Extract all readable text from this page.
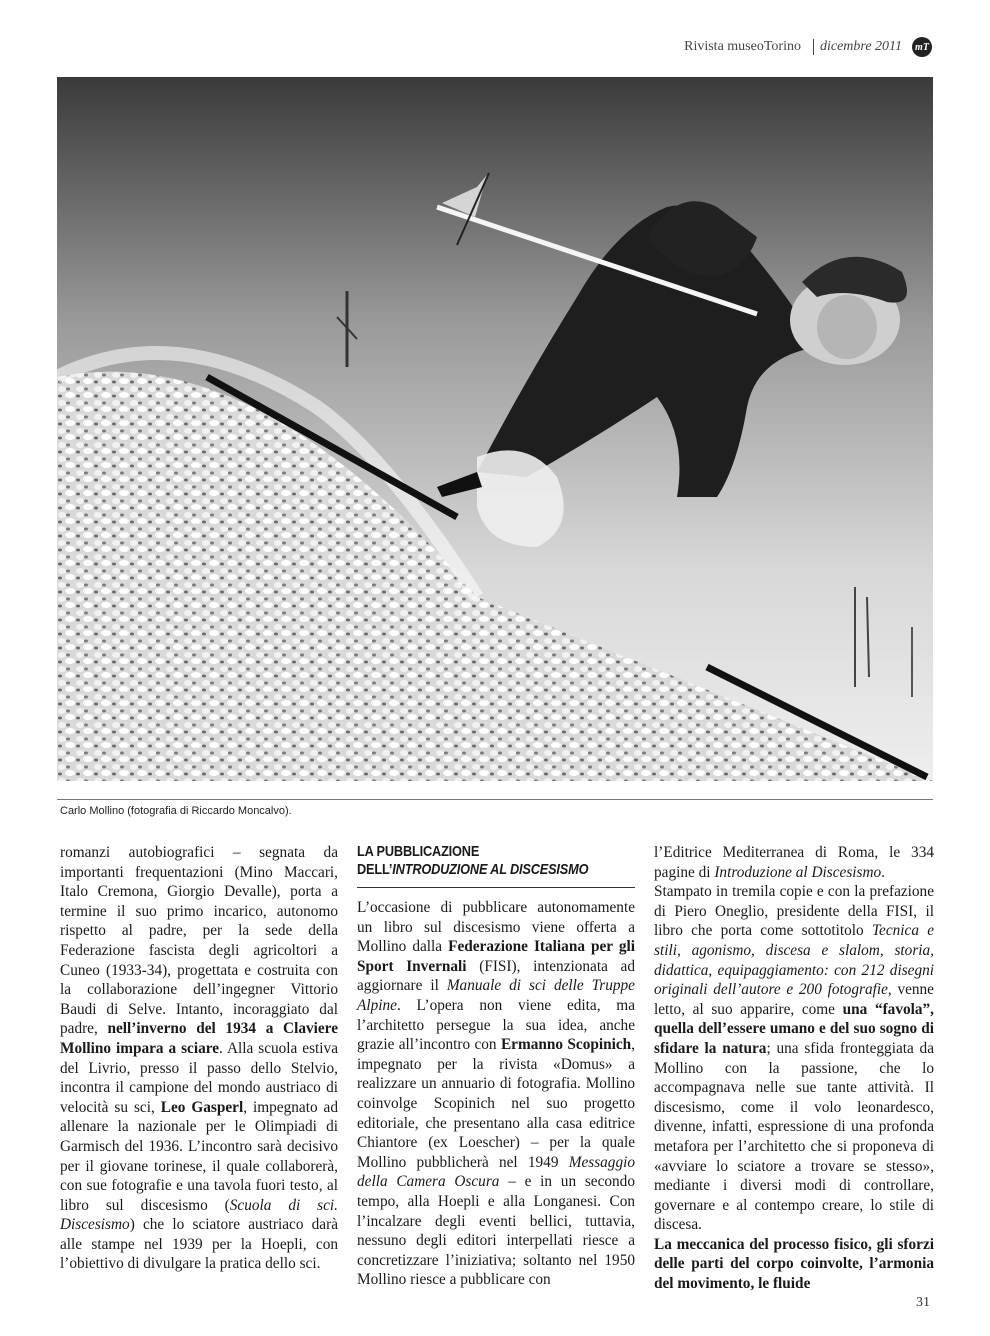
Rivista museoTorino dicembre 2011	mT
Carlo Mollino (fotografia di Riccardo Moncalvo).

romanzi autobiografici – segnata da importanti frequentazioni (Mino Maccari, Italo Cremona, Giorgio Devalle), porta a termine il suo primo incarico, autonomo rispetto al padre, per la sede della Federazione fascista degli agricoltori a Cuneo (1933-34), progettata e costruita con la collaborazione dell’ingegner Vittorio Baudi di Selve. Intanto, incoraggiato dal padre, nell’inverno del 1934 a Claviere Mollino impara a sciare. Alla scuola estiva del Livrio, presso il passo dello Stelvio, incontra il campione del mondo austriaco di velocità su sci, Leo Gasperl, impegnato ad allenare la nazionale per le Olimpiadi di Garmisch del 1936. L’incontro sarà decisivo per il giovane torinese, il quale collaborerà, con sue fotografie e una tavola fuori testo, al libro sul discesismo (Scuola di sci. Discesismo) che lo sciatore austriaco darà alle stampe nel 1939 per la Hoepli, con l’obiettivo di divulgare la pratica dello sci.

LA PUBBLICAZIONE
DELL’INTRODUZIONE AL DISCESISMO

L’occasione di pubblicare autonomamente un libro sul discesismo viene offerta a Mollino dalla Federazione Italiana per gli Sport Invernali (FISI), intenzionata ad aggiornare il Manuale di sci delle Truppe Alpine. L’opera non viene edita, ma l’architetto persegue la sua idea, anche grazie all’incontro con Ermanno Scopinich, impegnato per la rivista «Domus» a realizzare un annuario di fotografia. Mollino coinvolge Scopinich nel suo progetto editoriale, che presentano alla casa editrice Chiantore (ex Loescher) – per la quale Mollino pubblicherà nel 1949 Messaggio della Camera Oscura – e in un secondo tempo, alla Hoepli e alla Longanesi. Con l’incalzare degli eventi bellici, tuttavia, nessuno degli editori interpellati riesce a concretizzare l’iniziativa; soltanto nel 1950 Mollino riesce a pubblicare con

l’Editrice Mediterranea di Roma, le 334 pagine di Introduzione al Discesismo.

Stampato in tremila copie e con la prefazione di Piero Oneglio, presidente della FISI, il libro che porta come sottotitolo Tecnica e stili, agonismo, discesa e slalom, storia, didattica, equipaggiamento: con 212 disegni originali dell’autore e 200 fotografie, venne letto, al suo apparire, come una “favola”, quella dell’essere umano e del suo sogno di sfidare la natura; una sfida fronteggiata da Mollino con la passione, che lo accompagnava nelle sue tante attività. Il discesismo, come il volo leonardesco, divenne, infatti, espressione di una profonda metafora per l’architetto che si proponeva di «avviare lo sciatore a trovare se stesso», mediante i diversi modi di controllare, governare e al contempo creare, lo stile di discesa.

La meccanica del processo fisico, gli sforzi delle parti del corpo coinvolte, l’armonia del movimento, le fluide

31
